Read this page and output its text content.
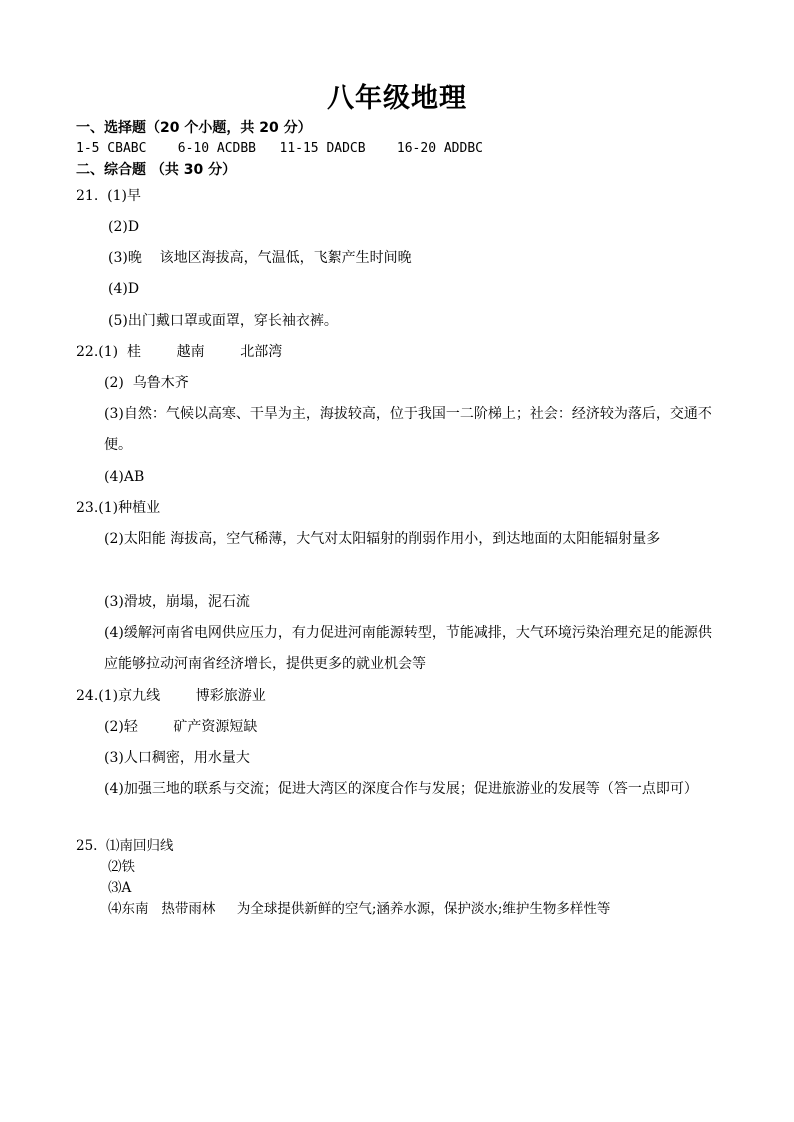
八年级地理
一、选择题（20 个小题，共 20 分）
1-5 CBABC    6-10 ACDBB   11-15 DADCB    16-20 ADDBC
二、综合题 （共 30 分）
21.  (1)早
(2)D
(3)晚    该地区海拔高，气温低，飞絮产生时间晚
(4)D
(5)出门戴口罩或面罩，穿长袖衣裤。
22.(1)  桂        越南        北部湾
(2)  乌鲁木齐
(3)自然：气候以高寒、干旱为主，海拔较高，位于我国一二阶梯上；社会：经济较为落后，交通不便。
(4)AB
23.(1)种植业
(2)太阳能 海拔高，空气稀薄，大气对太阳辐射的削弱作用小，到达地面的太阳能辐射量多
(3)滑坡，崩塌，泥石流
(4)缓解河南省电网供应压力，有力促进河南能源转型，节能减排，大气环境污染治理充足的能源供应能够拉动河南省经济增长，提供更多的就业机会等
24.(1)京九线        博彩旅游业
(2)轻        矿产资源短缺
(3)人口稠密，用水量大
(4)加强三地的联系与交流；促进大湾区的深度合作与发展；促进旅游业的发展等（答一点即可）
25.  ⑴南回归线
⑵铁
⑶A
⑷东南   热带雨林     为全球提供新鲜的空气;涵养水源，保护淡水;维护生物多样性等
